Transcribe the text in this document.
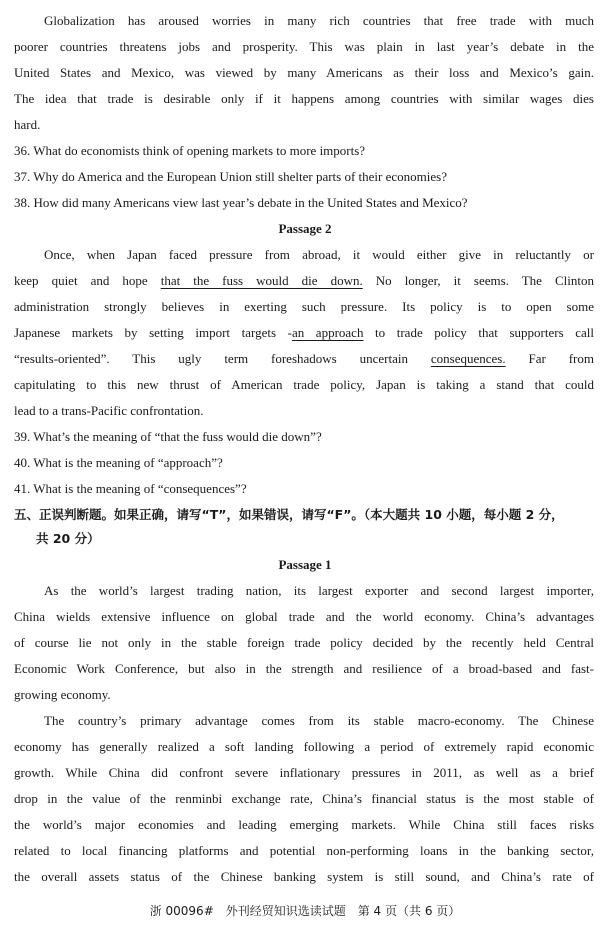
Globalization has aroused worries in many rich countries that free trade with much
poorer countries threatens jobs and prosperity. This was plain in last year’s debate in the
United States and Mexico, was viewed by many Americans as their loss and Mexico’s gain.
The idea that trade is desirable only if it happens among countries with similar wages dies
hard.
36. What do economists think of opening markets to more imports?
37. Why do America and the European Union still shelter parts of their economies?
38. How did many Americans view last year’s debate in the United States and Mexico?
Passage 2
Once, when Japan faced pressure from abroad, it would either give in reluctantly or
keep quiet and hope that the fuss would die down. No longer, it seems. The Clinton
administration strongly believes in exerting such pressure. Its policy is to open some
Japanese markets by setting import targets -an approach to trade policy that supporters call
“results-oriented”. This ugly term foreshadows uncertain consequences. Far from
capitulating to this new thrust of American trade policy, Japan is taking a stand that could
lead to a trans-Pacific confrontation.
39. What’s the meaning of “that the fuss would die down”?
40. What is the meaning of “approach”?
41. What is the meaning of “consequences”?
五、正误判断题。如果正确，请写“T”，如果错误，请写“F”。（本大题共 10 小题，每小题 2 分，
共 20 分）
Passage 1
As the world’s largest trading nation, its largest exporter and second largest importer,
China wields extensive influence on global trade and the world economy. China’s advantages
of course lie not only in the stable foreign trade policy decided by the recently held Central
Economic Work Conference, but also in the strength and resilience of a broad-based and fast-
growing economy.
The country’s primary advantage comes from its stable macro-economy. The Chinese
economy has generally realized a soft landing following a period of extremely rapid economic
growth. While China did confront severe inflationary pressures in 2011, as well as a brief
drop in the value of the renminbi exchange rate, China’s financial status is the most stable of
the world’s major economies and leading emerging markets. While China still faces risks
related to local financing platforms and potential non-performing loans in the banking sector,
the overall assets status of the Chinese banking system is still sound, and China’s rate of
浙 00096#　外刊经贸知识选读试题　第 4 页（共 6 页）
